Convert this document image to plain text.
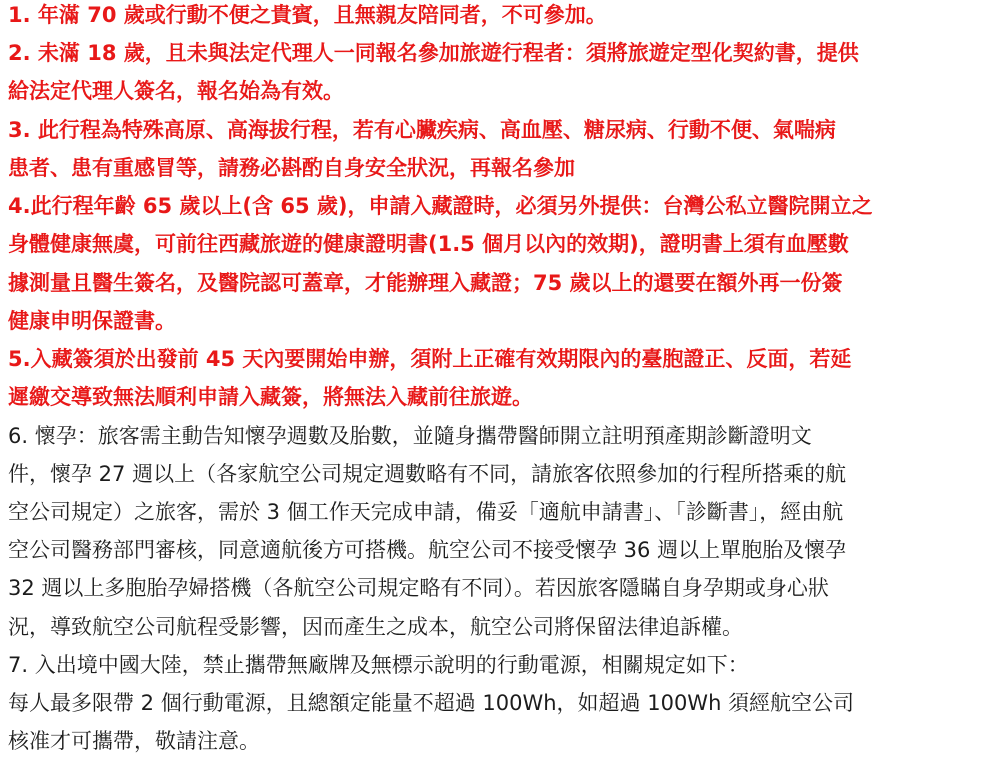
1. 年滿 70 歲或行動不便之貴賓，且無親友陪同者，不可參加。
2. 未滿 18 歲，且未與法定代理人一同報名參加旅遊行程者：須將旅遊定型化契約書，提供
給法定代理人簽名，報名始為有效。
3. 此行程為特殊高原、高海拔行程，若有心臟疾病、高血壓、糖尿病、行動不便、氣喘病
患者、患有重感冒等，請務必斟酌自身安全狀況，再報名參加
4.此行程年齡 65 歲以上(含 65 歲)，申請入藏證時，必須另外提供：台灣公私立醫院開立之
身體健康無虞，可前往西藏旅遊的健康證明書(1.5 個月以內的效期)，證明書上須有血壓數
據測量且醫生簽名，及醫院認可蓋章，才能辦理入藏證；75 歲以上的還要在額外再一份簽
健康申明保證書。
5.入藏簽須於出發前 45 天內要開始申辦，須附上正確有效期限內的臺胞證正、反面，若延
遲繳交導致無法順利申請入藏簽，將無法入藏前往旅遊。
6. 懷孕：旅客需主動告知懷孕週數及胎數，並隨身攜帶醫師開立註明預產期診斷證明文
件，懷孕 27 週以上（各家航空公司規定週數略有不同，請旅客依照參加的行程所搭乘的航
空公司規定）之旅客，需於 3 個工作天完成申請，備妥「適航申請書」、「診斷書」，經由航
空公司醫務部門審核，同意適航後方可搭機。航空公司不接受懷孕 36 週以上單胞胎及懷孕
32 週以上多胞胎孕婦搭機（各航空公司規定略有不同）。若因旅客隱瞞自身孕期或身心狀
況，導致航空公司航程受影響，因而產生之成本，航空公司將保留法律追訴權。
7. 入出境中國大陸，禁止攜帶無廠牌及無標示說明的行動電源，相關規定如下：
每人最多限帶 2 個行動電源，且總額定能量不超過 100Wh，如超過 100Wh 須經航空公司
核准才可攜帶，敬請注意。
